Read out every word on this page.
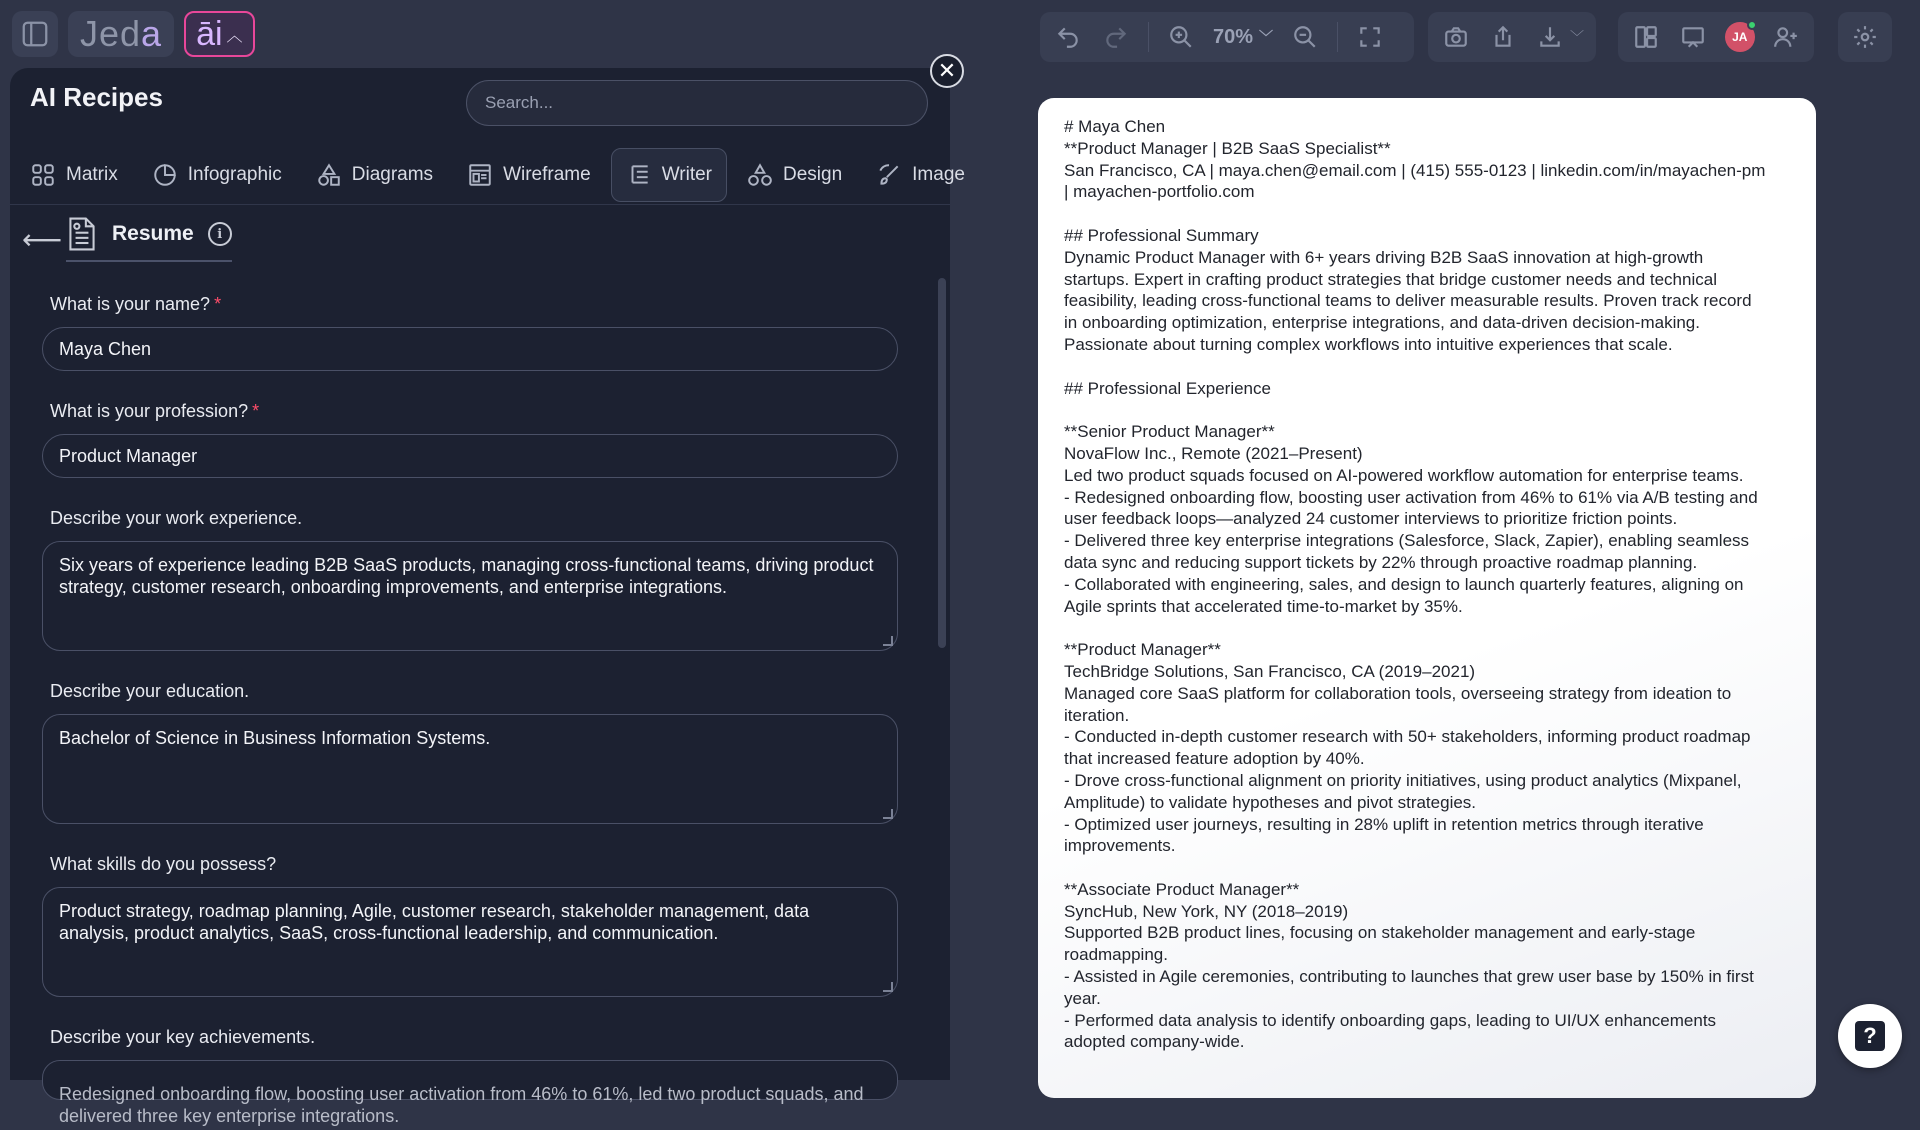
Jed a āi ︿	70% ﹀	﹀	JA
AI Recipes
Search...
Matrix	Infographic	Diagrams	Wireframe	Writer	Design	Image
⟵ Resume	i
What is your name? *
Maya Chen
What is your profession? *
Product Manager
Describe your work experience.
Six years of experience leading B2B SaaS products, managing cross-functional teams, driving product strategy, customer research, onboarding improvements, and enterprise integrations.
Describe your education.
Bachelor of Science in Business Information Systems.
What skills do you possess?
Product strategy, roadmap planning, Agile, customer research, stakeholder management, data analysis, product analytics, SaaS, cross-functional leadership, and communication.
Describe your key achievements.
Redesigned onboarding flow, boosting user activation from 46% to 61%, led two product squads, and delivered three key enterprise integrations.
✕

# Maya Chen

**Product Manager | B2B SaaS Specialist**

San Francisco, CA | maya.chen@email.com | (415) 555-0123 | linkedin.com/in/mayachen-pm

| mayachen-portfolio.com

## Professional Summary

Dynamic Product Manager with 6+ years driving B2B SaaS innovation at high-growth

startups. Expert in crafting product strategies that bridge customer needs and technical

feasibility, leading cross-functional teams to deliver measurable results. Proven track record

in onboarding optimization, enterprise integrations, and data-driven decision-making.

Passionate about turning complex workflows into intuitive experiences that scale.

## Professional Experience

**Senior Product Manager**

NovaFlow Inc., Remote (2021–Present)

Led two product squads focused on AI-powered workflow automation for enterprise teams.

- Redesigned onboarding flow, boosting user activation from 46% to 61% via A/B testing and

user feedback loops—analyzed 24 customer interviews to prioritize friction points.

- Delivered three key enterprise integrations (Salesforce, Slack, Zapier), enabling seamless

data sync and reducing support tickets by 22% through proactive roadmap planning.

- Collaborated with engineering, sales, and design to launch quarterly features, aligning on

Agile sprints that accelerated time-to-market by 35%.

**Product Manager**

TechBridge Solutions, San Francisco, CA (2019–2021)

Managed core SaaS platform for collaboration tools, overseeing strategy from ideation to

iteration.

- Conducted in-depth customer research with 50+ stakeholders, informing product roadmap

that increased feature adoption by 40%.

- Drove cross-functional alignment on priority initiatives, using product analytics (Mixpanel,

Amplitude) to validate hypotheses and pivot strategies.

- Optimized user journeys, resulting in 28% uplift in retention metrics through iterative

improvements.

**Associate Product Manager**

SyncHub, New York, NY (2018–2019)

Supported B2B product lines, focusing on stakeholder management and early-stage

roadmapping.

- Assisted in Agile ceremonies, contributing to launches that grew user base by 150% in first

year.

- Performed data analysis to identify onboarding gaps, leading to UI/UX enhancements

adopted company-wide.	?
